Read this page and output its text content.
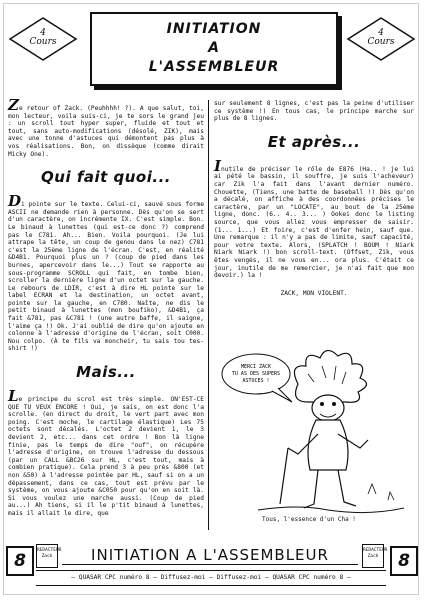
4
Cours
INITIATION
A
L'ASSEMBLEUR
4
Cours

Ze retour of Zack. (Peuhhhh! ?). A que salut, toi, mon lecteur, voila suis-ci, je te sors le grand jeu : un scroll tout hyper super, fluide et tout et tout, sans auto-modifications (désolé, ZIK), mais avec une tonne d'astuces qui démontent pas plus à vos réalisations. Bon, on dissèque (comme dirait Micky One).

Qui fait quoi...

Di pointe sur le texte. Celui-ci, sauvé sous forme ASCII ne demande rien à personne. Dès qu'on se sert d'un caractère, on incrémente IX. C'est simple. Bon. Le binaud à lunettes (qui est-ce donc ?) comprend pas le C781. Ah... Bien. Voila pourquoi. (Je lui attrape la tête, un coup de genou dans le nez) C781 c'est la 25ème ligne de l'écran. C'est, en réalité &D4B1. Pourquoi plus un ? (coup de pied dans les burnes, apercevoir dans le...) Tout se rapporte au sous-programme SCROLL qui fait, en tombe bien, scroller la dernière ligne d'un octet sur la gauche. Le rebours de LDIR, c'est à dire HL pointe sur le label ECRAN et la destination, un octet avant, pointe sur la gauche, en C780. Naîte, ne dis le petit binaud à lunettes (mon boufiko), &D4B1, ça fait &781, pas &C781 ! (une autre baffe, il saigne, l'aime ça !) Ok. J'ai oublié de dire qu'on ajoute en colonne à l'adresse d'origine de l'écran, soit C000. Nou colpo. (À te fils va moncheir, tu sais tou tes-shirt !)

Mais...

Le principe du scrol est très simple. ON'EST-CE QUE TU VEUX ENCORE ! Oui, je sais, on est donc l'a scrolle. (en direct du droit, le vert part avec mon poing. C'est moche, le cartilage élastique) Les 75 octets sont décalés. L'octet 2 devient 1, le 3 devient 2, etc... dans cet ordre ! Bon là ligne finie, pas le temps de dire "ouf", on récupère l'adresse d'origine, on trouve l'adresse du dessous (par un CALL &BC26 sur HL, c'est tout, mais à combien pratique). Cela prend 3 à peu près &800 (et non &50) à l'adresse pointée par HL, sauf si on a un dépassement, dans ce cas, tout est prévu par le système, on vous ajoute &C050 pour qu'on en soit là. Si vous voulez une marche aussi. (Coup de pied au...) Ah tiens, si il le p'tit binaud à lunettes, mais il allait le dire, que

sur seulement 8 lignes, c'est pas la peine d'utiliser ce système !) En tous cas, le principe marche sur plus de 8 lignes.

Et après...

Inutile de préciser le rôle de E876 (Ha.. ! je lui ai pété le bassin, il souffre, je suis l'acheveur) car Zik l'a fait dans l'avant dernier numéro. Chouette, (Tiens, une batte de baseball !) Dès qu'on a décalé, on affiche à des coordonnées précises le caractère, par un "LOCATE", au bout de la 25ème ligne, donc. (6.. 4.. 3... ) Ookei donc le listing source, que vous allez vous empresser de saisir. (1... 1...) Et foire, c'est d'enfer hein, sauf que. Une remarque : il n'y a pas de limite, sauf capacité, pour votre texte. Alors, (SPLATCH ! BOUM ! Niark Niark Niark !) bon scroll-text. (Offset, Zik, vous êtes vengés, il ne vous en... ora plus. C'était ce jour, inutile de me remercier, je n'ai fait que mon devoir.) la !

ZACK, MON VIOLENT.
MERCI ZACK
TU AS DES SUPERS
ASTUCES !
Tous, l'essence d'un Cha !
8
REDACTEUR
Zack	INITIATION A L'ASSEMBLEUR	REDACTEUR
Zack	8
— QUASAR CPC numéro 8 — Diffusez-moi — Diffusez-moi — QUASAR CPC numéro 8 —
